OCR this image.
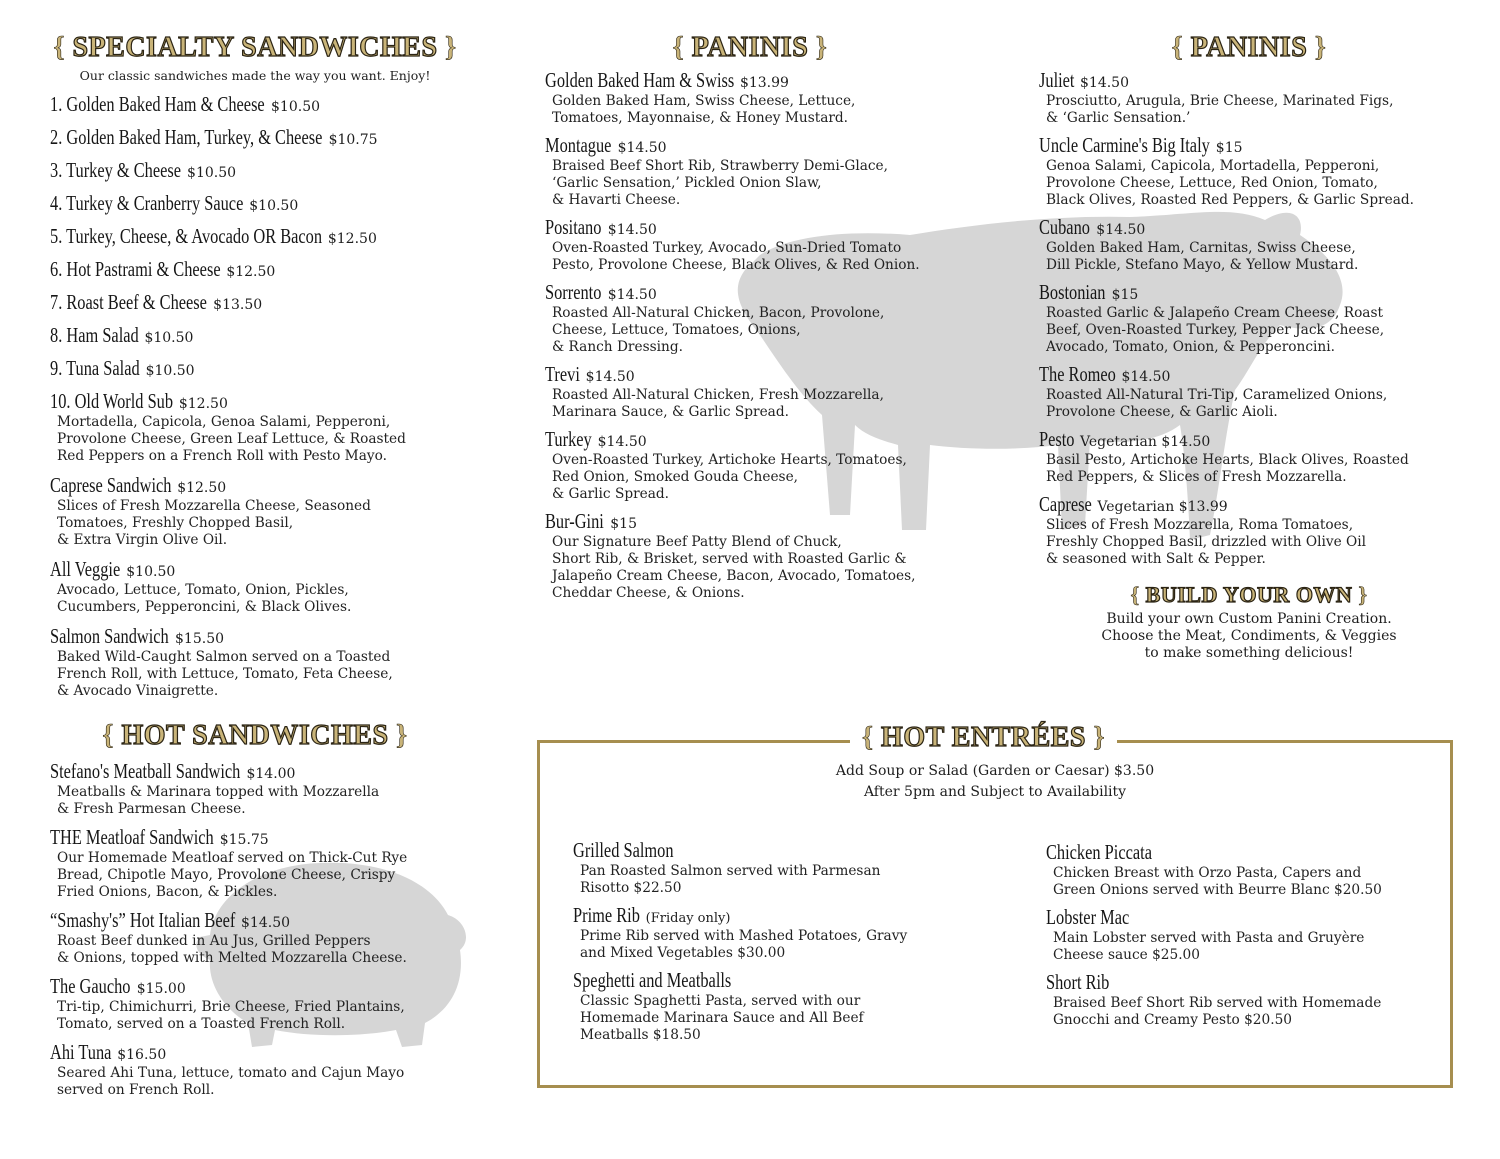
{ SPECIALTY SANDWICHES }
Our classic sandwiches made the way you want. Enjoy!
1. Golden Baked Ham & Cheese $10.50
2. Golden Baked Ham, Turkey, & Cheese $10.75
3. Turkey & Cheese $10.50
4. Turkey & Cranberry Sauce $10.50
5. Turkey, Cheese, & Avocado OR Bacon $12.50
6. Hot Pastrami & Cheese $12.50
7. Roast Beef & Cheese $13.50
8. Ham Salad $10.50
9. Tuna Salad $10.50
10. Old World Sub $12.50
Mortadella, Capicola, Genoa Salami, Pepperoni,
Provolone Cheese, Green Leaf Lettuce, & Roasted
Red Peppers on a French Roll with Pesto Mayo.
Caprese Sandwich $12.50
Slices of Fresh Mozzarella Cheese, Seasoned
Tomatoes, Freshly Chopped Basil,
& Extra Virgin Olive Oil.
All Veggie $10.50
Avocado, Lettuce, Tomato, Onion, Pickles,
Cucumbers, Pepperoncini, & Black Olives.
Salmon Sandwich $15.50
Baked Wild-Caught Salmon served on a Toasted
French Roll, with Lettuce, Tomato, Feta Cheese,
& Avocado Vinaigrette.
{ HOT SANDWICHES }
Stefano's Meatball Sandwich $14.00
Meatballs & Marinara topped with Mozzarella
& Fresh Parmesan Cheese.
THE Meatloaf Sandwich $15.75
Our Homemade Meatloaf served on Thick-Cut Rye
Bread, Chipotle Mayo, Provolone Cheese, Crispy
Fried Onions, Bacon, & Pickles.
“Smashy's” Hot Italian Beef $14.50
Roast Beef dunked in Au Jus, Grilled Peppers
& Onions, topped with Melted Mozzarella Cheese.
The Gaucho $15.00
Tri-tip, Chimichurri, Brie Cheese, Fried Plantains,
Tomato, served on a Toasted French Roll.
Ahi Tuna $16.50
Seared Ahi Tuna, lettuce, tomato and Cajun Mayo
served on French Roll.
{ PANINIS }
Golden Baked Ham & Swiss $13.99
Golden Baked Ham, Swiss Cheese, Lettuce,
Tomatoes, Mayonnaise, & Honey Mustard.
Montague $14.50
Braised Beef Short Rib, Strawberry Demi-Glace,
‘Garlic Sensation,’ Pickled Onion Slaw,
& Havarti Cheese.
Positano $14.50
Oven-Roasted Turkey, Avocado, Sun-Dried Tomato
Pesto, Provolone Cheese, Black Olives, & Red Onion.
Sorrento $14.50
Roasted All-Natural Chicken, Bacon, Provolone,
Cheese, Lettuce, Tomatoes, Onions,
& Ranch Dressing.
Trevi $14.50
Roasted All-Natural Chicken, Fresh Mozzarella,
Marinara Sauce, & Garlic Spread.
Turkey $14.50
Oven-Roasted Turkey, Artichoke Hearts, Tomatoes,
Red Onion, Smoked Gouda Cheese,
& Garlic Spread.
Bur-Gini $15
Our Signature Beef Patty Blend of Chuck,
Short Rib, & Brisket, served with Roasted Garlic &
Jalapeño Cream Cheese, Bacon, Avocado, Tomatoes,
Cheddar Cheese, & Onions.
{ PANINIS }
Juliet $14.50
Prosciutto, Arugula, Brie Cheese, Marinated Figs,
& ‘Garlic Sensation.’
Uncle Carmine's Big Italy $15
Genoa Salami, Capicola, Mortadella, Pepperoni,
Provolone Cheese, Lettuce, Red Onion, Tomato,
Black Olives, Roasted Red Peppers, & Garlic Spread.
Cubano $14.50
Golden Baked Ham, Carnitas, Swiss Cheese,
Dill Pickle, Stefano Mayo, & Yellow Mustard.
Bostonian $15
Roasted Garlic & Jalapeño Cream Cheese, Roast
Beef, Oven-Roasted Turkey, Pepper Jack Cheese,
Avocado, Tomato, Onion, & Pepperoncini.
The Romeo $14.50
Roasted All-Natural Tri-Tip, Caramelized Onions,
Provolone Cheese, & Garlic Aioli.
Pesto Vegetarian $14.50
Basil Pesto, Artichoke Hearts, Black Olives, Roasted
Red Peppers, & Slices of Fresh Mozzarella.
Caprese Vegetarian $13.99
Slices of Fresh Mozzarella, Roma Tomatoes,
Freshly Chopped Basil, drizzled with Olive Oil
& seasoned with Salt & Pepper.
{ BUILD YOUR OWN }
Build your own Custom Panini Creation.
Choose the Meat, Condiments, & Veggies
to make something delicious!
{ HOT ENTRÉES }
Add Soup or Salad (Garden or Caesar) $3.50
After 5pm and Subject to Availability
Grilled Salmon
Pan Roasted Salmon served with Parmesan
Risotto $22.50
Prime Rib (Friday only)
Prime Rib served with Mashed Potatoes, Gravy
and Mixed Vegetables $30.00
Speghetti and Meatballs
Classic Spaghetti Pasta, served with our
Homemade Marinara Sauce and All Beef
Meatballs $18.50
Chicken Piccata
Chicken Breast with Orzo Pasta, Capers and
Green Onions served with Beurre Blanc $20.50
Lobster Mac
Main Lobster served with Pasta and Gruyère
Cheese sauce $25.00
Short Rib
Braised Beef Short Rib served with Homemade
Gnocchi and Creamy Pesto $20.50
